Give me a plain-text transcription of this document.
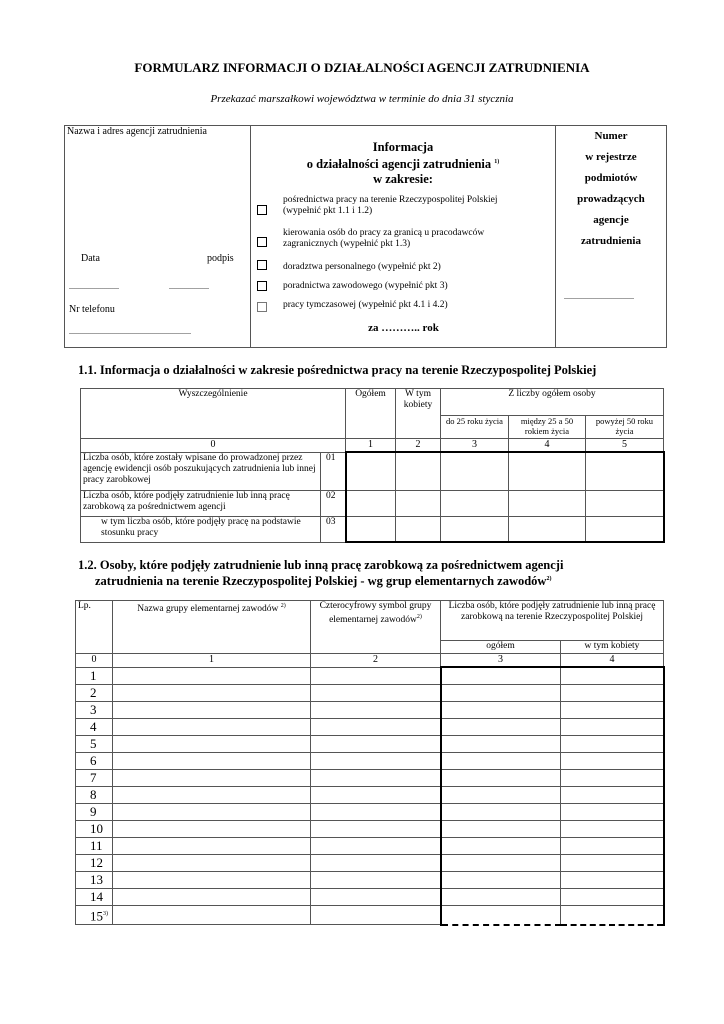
FORMULARZ INFORMACJI O DZIAŁALNOŚCI AGENCJI ZATRUDNIENIA
Przekazać marszałkowi województwa w terminie do dnia 31 stycznia
Nazwa i adres agencji zatrudnienia
Data	podpis
.........................	....................
Nr telefonu
.............................................................

Informacja
o działalności agencji zatrudnienia $^{1)}$
w zakresie:
pośrednictwa pracy na terenie Rzeczypospolitej Polskiej
(wypełnić pkt 1.1 i 1.2)
kierowania osób do pracy za granicą u pracodawców
zagranicznych (wypełnić pkt 1.3)
doradztwa personalnego (wypełnić pkt 2)
poradnictwa zawodowego (wypełnić pkt 3)
pracy tymczasowej (wypełnić pkt 4.1 i 4.2)
za ……….. rok

Numer
w rejestrze
podmiotów
prowadzących
agencje
zatrudnienia
...................................
1.1. Informacja o działalności w zakresie pośrednictwa pracy na terenie Rzeczypospolitej Polskiej
Wyszczególnienie		Ogółem	W tym kobiety	Z liczby ogółem osoby		
				do 25 roku życia	między 25 a 50 rokiem życia	powyżej 50 roku życia
0		1	2	3	4	5
Liczba osób, które zostały wpisane do prowadzonej przez agencję ewidencji osób poszukujących zatrudnienia lub innej pracy zarobkowej	01					
Liczba osób, które podjęły zatrudnienie lub inną pracę zarobkową za pośrednictwem agencji	02					
w tym liczba osób, które podjęły pracę na podstawie stosunku pracy	03					
1.2. Osoby, które podjęły zatrudnienie lub inną pracę zarobkową za pośrednictwem agencji
zatrudnienia na terenie Rzeczypospolitej Polskiej - wg grup elementarnych zawodów$^{2)}$
Lp.	Nazwa grupy elementarnej zawodów $^{2)}$	Czterocyfrowy symbol grupy elementarnej zawodów$^{2)}$	Liczba osób, które podjęły zatrudnienie lub inną pracę zarobkową na terenie Rzeczypospolitej Polskiej	
			ogółem	w tym kobiety
0	1	2	3	4
1				
2				
3				
4				
5				
6				
7				
8				
9				
10				
11				
12				
13				
14				
15$^{3)}$				
